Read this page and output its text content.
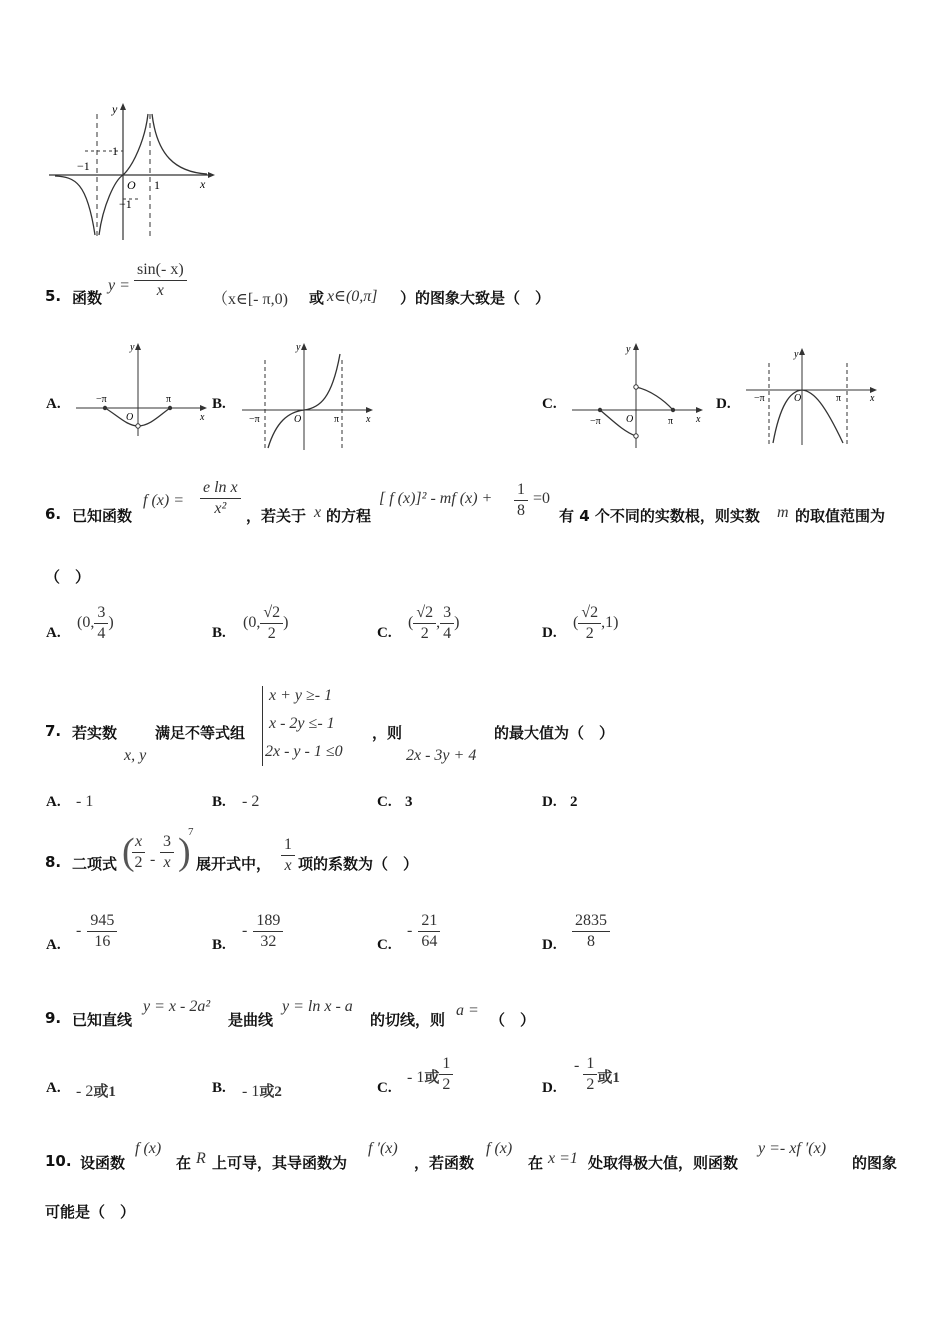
y
x
O 1
−1
1
−1
5. 函数
$y = \frac{\sin(- x)}{x}$ （x∈[- π,0) 或 x∈(0,π] ）的图象大致是（　）
A.
y
x
O
−π	π	B.
y
x
O
−π	π
C.
y
x
O
−π	π
D.
y
x
O
−π	π
6. 已知函数
f $(x) = \frac{\text{e ln x}}{\text{x²}}$ ，若关于 x 的方程
[ f (x)]² - mf $(x) + \frac{1}{8} =0$
有 4 个不同的实数根，则实数 m 的取值范围为
（　）
A.
(0, $\frac{3}{4}$ )
B.
(0, $\frac{√2}{2}$ )
C.
( $\frac{√2}{2}$ , $\frac{3}{4}$ )
D.
( $\frac{√2}{2} ,1$)
7. 若实数
x, y
满足不等式组
x + y ≥- 1
x - 2y ≤- 1
2x - y - 1 ≤0
，则
2x - 3y + 4
的最大值为（　）
A. - 1	B. - 2	C. 3	D. 2
8. 二项式 (
$\frac{x}{2} - \frac{3}{x}$ )
7
展开式中， $\frac{1}{x}$ 项的系数为（　）
A.
- $\frac{945}{16}$	B.
- $\frac{189}{32}$	C.
- $\frac{21}{64}$	D. $\frac{2835}{8}$
9. 已知直线
y = x - 2a²
是曲线
y = ln x - a
的切线，则
a =
（　）
A. - 2或1	B. - 1或2	C.
- 1或 $\frac{1}{2}$	D.
- $\frac{1}{2}$ 或1
10. 设函数
f (x)
在 R 上可导，其导函数为
f ′(x)
，若函数
f (x)
在 x =1 处取得极大值，则函数
y =- xf ′(x)
的图象
可能是（　）
